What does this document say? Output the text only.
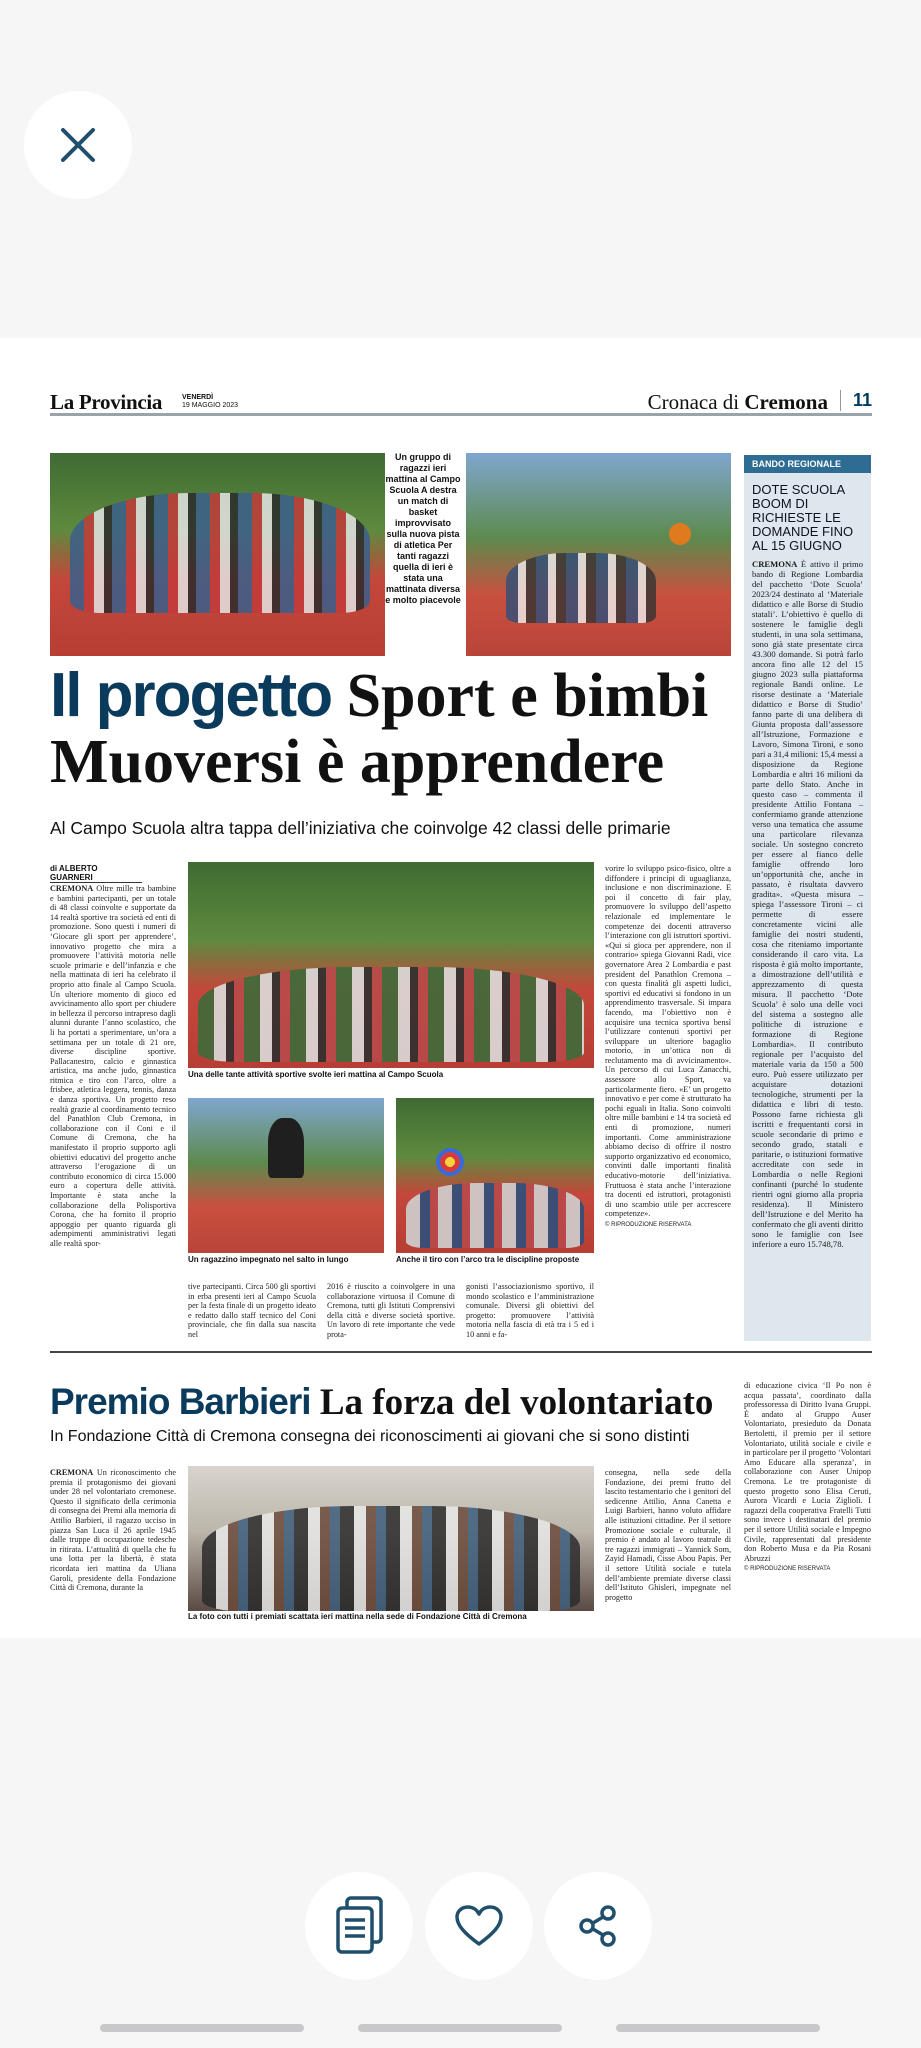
La Provincia	VENERDÌ
19 MAGGIO 2023	Cronaca di Cremona	11
Un gruppo di ragazzi ieri mattina al Campo Scuola A destra un match di basket improvvisato sulla nuova pista di atletica Per tanti ragazzi quella di ieri è stata una mattinata diversa e molto piacevole
Il progetto Sport e bimbi
Muoversi è apprendere
Al Campo Scuola altra tappa dell’iniziativa che coinvolge 42 classi delle primarie
di ALBERTO GUARNERI
CREMONA Oltre mille tra bambine e bambini partecipanti, per un totale di 48 classi coinvolte e supportate da 14 realtà sportive tra società ed enti di promozione. Sono questi i numeri di ‘Giocare gli sport per apprendere’, innovativo progetto che mira a promuovere l’attività motoria nelle scuole primarie e dell’infanzia e che nella mattinata di ieri ha celebrato il proprio atto finale al Campo Scuola. Un ulteriore momento di gioco ed avvicinamento allo sport per chiudere in bellezza il percorso intrapreso dagli alunni durante l’anno scolastico, che li ha portati a sperimentare, un’ora a settimana per un totale di 21 ore, diverse discipline sportive. Pallacanestro, calcio e ginnastica artistica, ma anche judo, ginnastica ritmica e tiro con l’arco, oltre a frisbee, atletica leggera, tennis, danza e danza sportiva. Un progetto reso realtà grazie al coordinamento tecnico del Panathlon Club Cremona, in collaborazione con il Coni e il Comune di Cremona, che ha manifestato il proprio supporto agli obiettivi educativi del progetto anche attraverso l’erogazione di un contributo economico di circa 15.000 euro a copertura delle attività. Importante è stata anche la collaborazione della Polisportiva Corona, che ha fornito il proprio appoggio per quanto riguarda gli adempimenti amministrativi legati alle realtà spor-
Una delle tante attività sportive svolte ieri mattina al Campo Scuola
Un ragazzino impegnato nel salto in lungo	Anche il tiro con l’arco tra le discipline proposte
tive partecipanti. Circa 500 gli sportivi in erba presenti ieri al Campo Scuola per la festa finale di un progetto ideato e redatto dallo staff tecnico del Coni provinciale, che fin dalla sua nascita nel
2016 è riuscito a coinvolgere in una collaborazione virtuosa il Comune di Cremona, tutti gli Istituti Comprensivi della città e diverse società sportive. Un lavoro di rete importante che vede prota-
gonisti l’associazionismo sportivo, il mondo scolastico e l’amministrazione comunale. Diversi gli obiettivi del progetto: promuovere l’attività motoria nella fascia di età tra i 5 ed i 10 anni e fa-
vorire lo sviluppo psico-fisico, oltre a diffondere i principi di uguaglianza, inclusione e non discriminazione. E poi il concetto di fair play, promuovere lo sviluppo dell’aspetto relazionale ed implementare le competenze dei docenti attraverso l’interazione con gli istruttori sportivi. «Qui si gioca per apprendere, non il contrario» spiega Giovanni Radi, vice governatore Area 2 Lombardia e past president del Panathlon Cremona – con questa finalità gli aspetti ludici, sportivi ed educativi si fondono in un apprendimento trasversale. Si impara facendo, ma l’obiettivo non è acquisire una tecnica sportiva bensì l’utilizzare contenuti sportivi per sviluppare un ulteriore bagaglio motorio, in un’ottica non di reclutamento ma di avvicinamento». Un percorso di cui Luca Zanacchi, assessore allo Sport, va particolarmente fiero. «E’ un progetto innovativo e per come è strutturato ha pochi eguali in Italia. Sono coinvolti oltre mille bambini e 14 tra società ed enti di promozione, numeri importanti. Come amministrazione abbiamo deciso di offrire il nostro supporto organizzativo ed economico, convinti dalle importanti finalità educativo-motorie dell’iniziativa. Fruttuosa è stata anche l’interazione tra docenti ed istruttori, protagonisti di uno scambio utile per accrescere competenze».
© RIPRODUZIONE RISERVATA
BANDO REGIONALE
DOTE SCUOLA BOOM DI RICHIESTE LE DOMANDE FINO AL 15 GIUGNO
CREMONA È attivo il primo bando di Regione Lombardia del pacchetto ‘Dote Scuola’ 2023/24 destinato al ‘Materiale didattico e alle Borse di Studio statali’. L’obiettivo è quello di sostenere le famiglie degli studenti, in una sola settimana, sono già state presentate circa 43.300 domande. Si potrà farlo ancora fino alle 12 del 15 giugno 2023 sulla piattaforma regionale Bandi online. Le risorse destinate a ‘Materiale didattico e Borse di Studio’ fanno parte di una delibera di Giunta proposta dall’assessore all’Istruzione, Formazione e Lavoro, Simona Tironi, e sono pari a 31,4 milioni: 15,4 messi a disposizione da Regione Lombardia e altri 16 milioni da parte dello Stato. Anche in questo caso – commenta il presidente Attilio Fontana – confermiamo grande attenzione verso una tematica che assume una particolare rilevanza sociale. Un sostegno concreto per essere al fianco delle famiglie offrendo loro un’opportunità che, anche in passato, è risultata davvero gradita». «Questa misura – spiega l’assessore Tironi – ci permette di essere concretamente vicini alle famiglie dei nostri studenti, cosa che riteniamo importante considerando il caro vita. La risposta è già molto importante, a dimostrazione dell’utilità e apprezzamento di questa misura. Il pacchetto ‘Dote Scuola’ è solo una delle voci del sistema a sostegno alle politiche di istruzione e formazione di Regione Lombardia». Il contributo regionale per l’acquisto del materiale varia da 150 a 500 euro. Può essere utilizzato per acquistare dotazioni tecnologiche, strumenti per la didattica e libri di testo. Possono farne richiesta gli iscritti e frequentanti corsi in scuole secondarie di primo e secondo grado, statali e paritarie, o istituzioni formative accreditate con sede in Lombardia o nelle Regioni confinanti (purché lo studente rientri ogni giorno alla propria residenza). Il Ministero dell’Istruzione e del Merito ha confermato che gli aventi diritto sono le famiglie con Isee inferiore a euro 15.748,78.
Premio Barbieri La forza del volontariato
In Fondazione Città di Cremona consegna dei riconoscimenti ai giovani che si sono distinti
CREMONA Un riconoscimento che premia il protagonismo dei giovani under 28 nel volontariato cremonese. Questo il significato della cerimonia di consegna dei Premi alla memoria di Attilio Barbieri, il ragazzo ucciso in piazza San Luca il 26 aprile 1945 dalle truppe di occupazione tedesche in ritirata. L’attualità di quella che fu una lotta per la libertà, è stata ricordata ieri mattina da Uliana Garoli, presidente della Fondazione Città di Cremona, durante la
La foto con tutti i premiati scattata ieri mattina nella sede di Fondazione Città di Cremona
consegna, nella sede della Fondazione, dei premi frutto del lascito testamentario che i genitori del sedicenne Attilio, Anna Canetta e Luigi Barbieri, hanno voluto affidare alle istituzioni cittadine. Per il settore Promozione sociale e culturale, il premio è andato al lavoro teatrale di tre ragazzi immigrati – Yannick Som, Zayid Hamadi, Cisse Abou Papis. Per il settore Utilità sociale e tutela dell’ambiente premiate diverse classi dell’Istituto Ghisleri, impegnate nel progetto
di educazione civica ‘Il Po non è acqua passata’, coordinato dalla professoressa di Diritto Ivana Gruppi. È andato al Gruppo Auser Volontariato, presieduto da Donata Bertoletti, il premio per il settore Volontariato, utilità sociale e civile e in particolare per il progetto ‘Volontari Amo Educare alla speranza’, in collaborazione con Auser Unipop Cremona. Le tre protagoniste di questo progetto sono Elisa Ceruti, Aurora Vicardi e Lucia Zigliolì. I ragazzi della cooperativa Fratelli Tutti sono invece i destinatari del premio per il settore Utilità sociale e Impegno Civile, rappresentati dal presidente don Roberto Musa e da Pia Rosani Abruzzi
© RIPRODUZIONE RISERVATA
